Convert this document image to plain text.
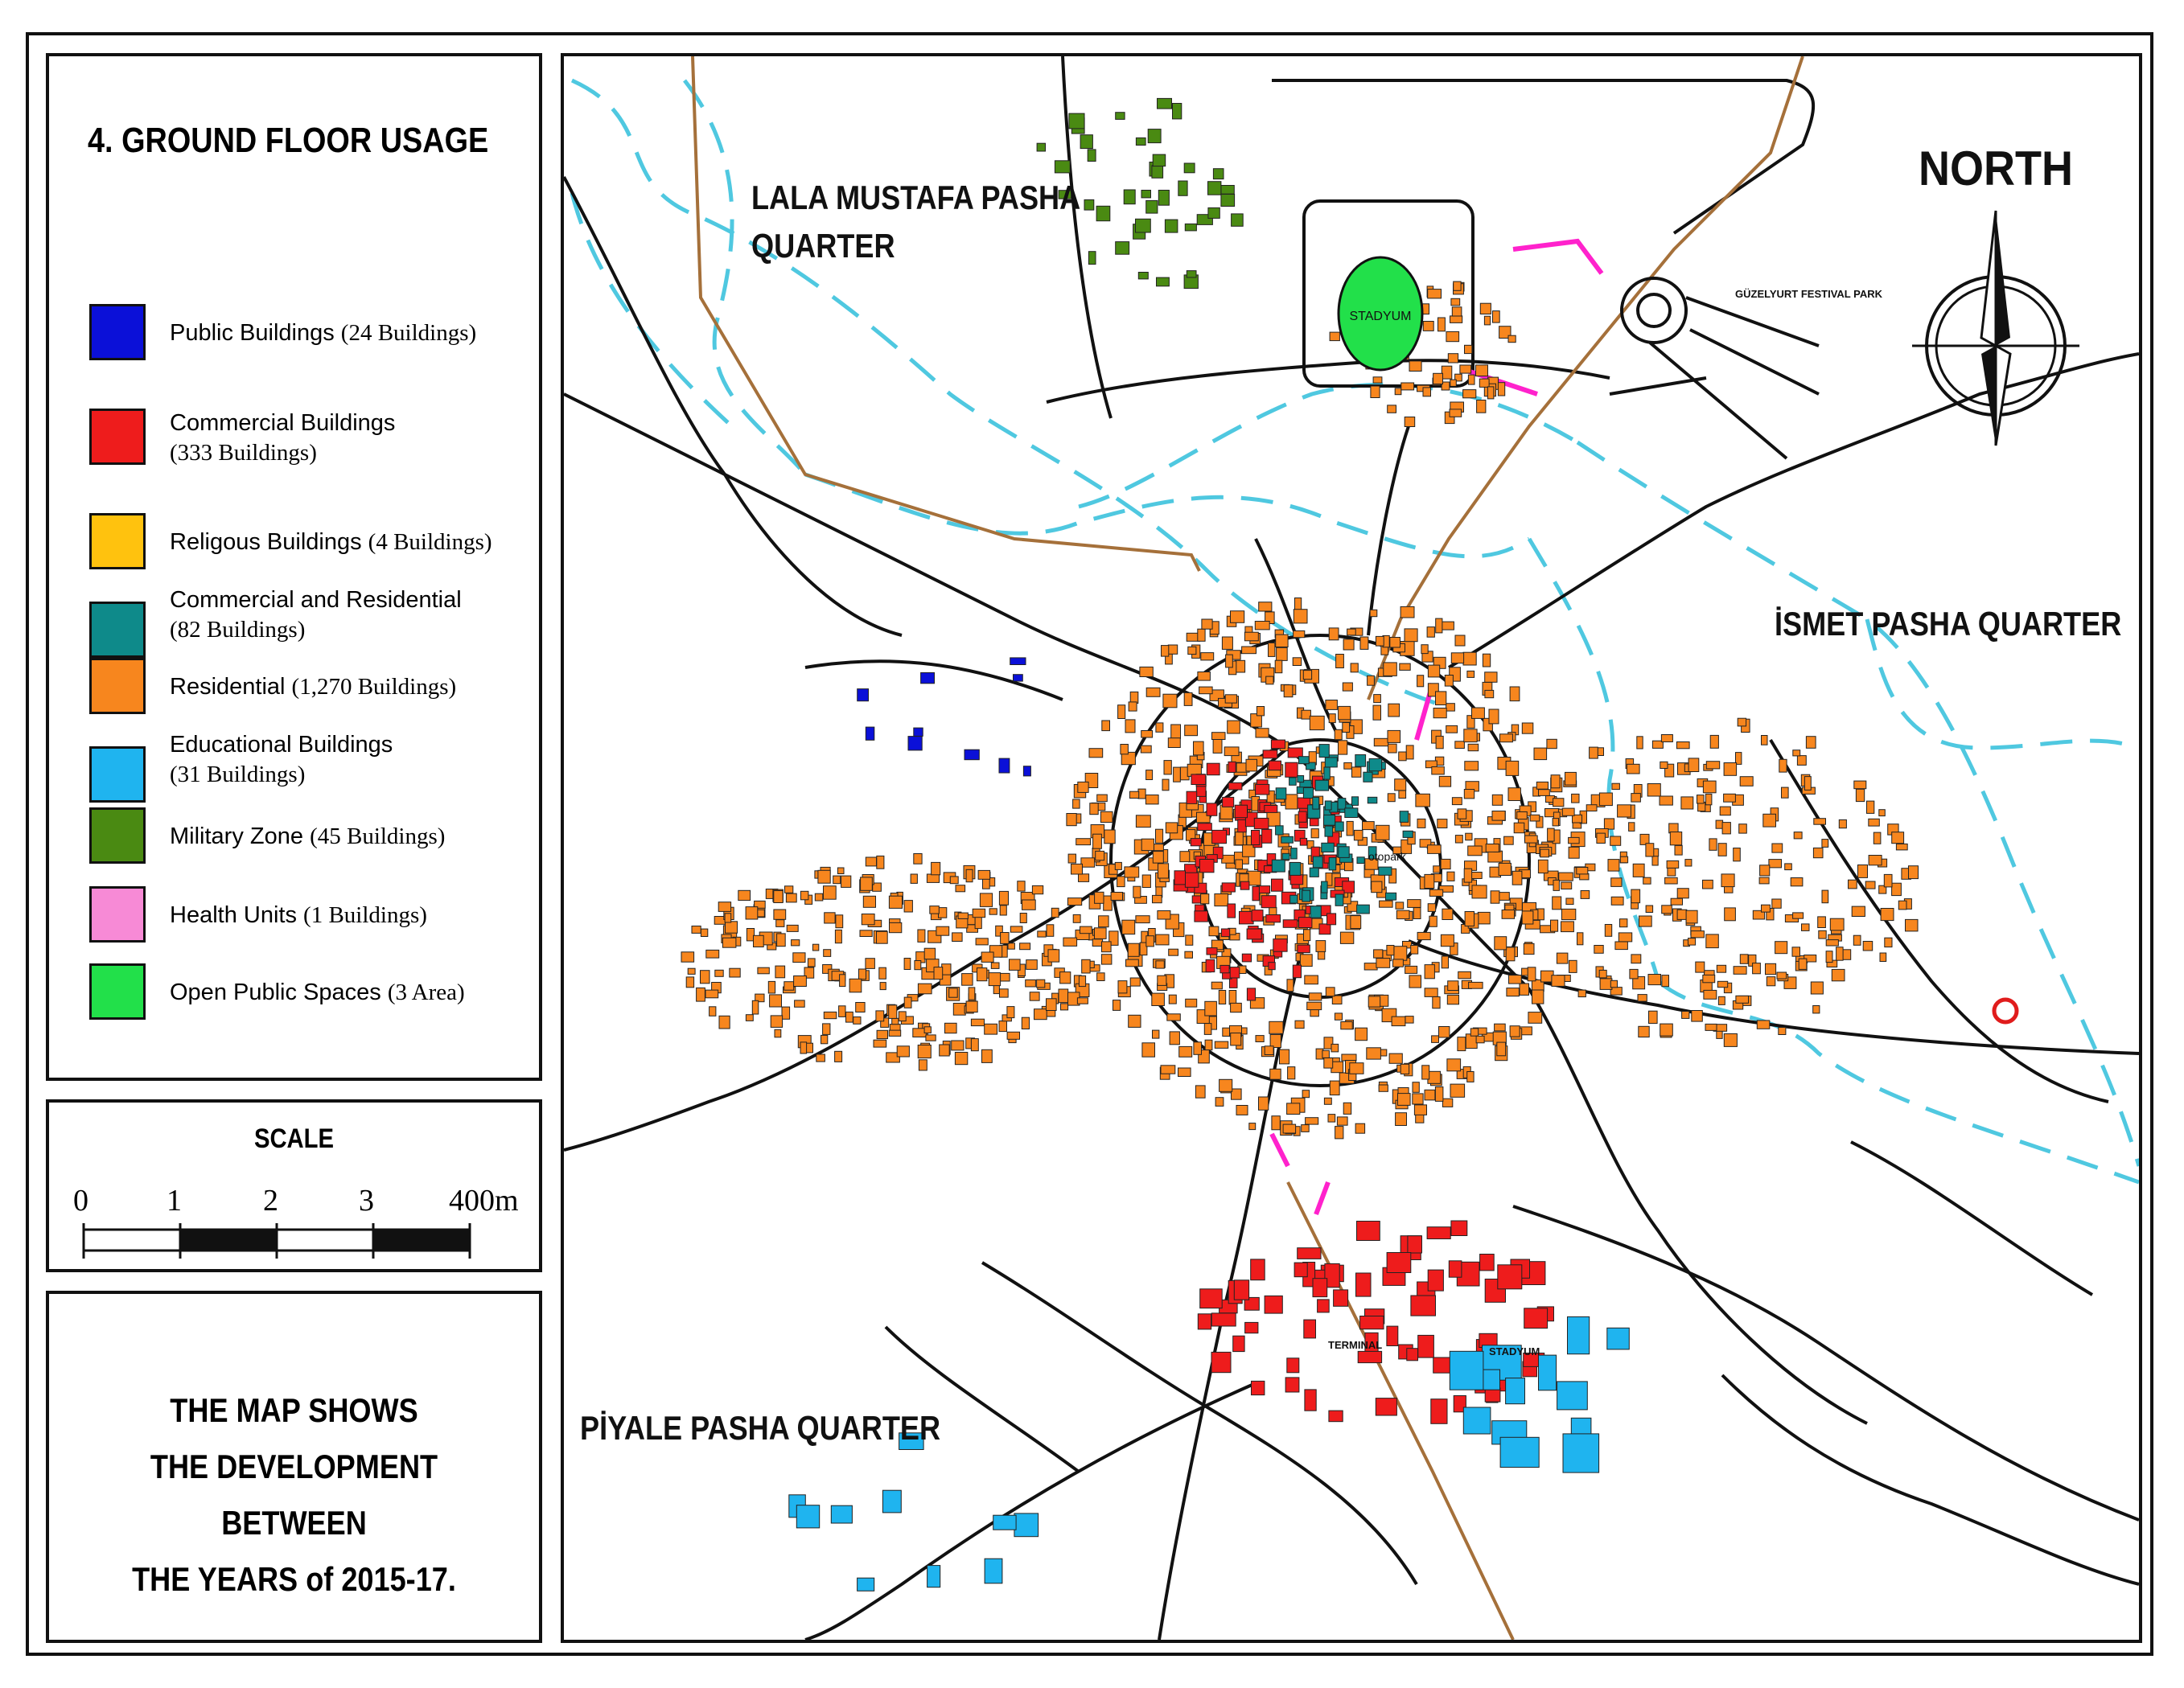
4. GROUND FLOOR USAGE
Public Buildings (24 Buildings)
Commercial Buildings
(333 Buildings)
Religous Buildings (4 Buildings)
Commercial and Residential
(82 Buildings)
Residential (1,270 Buildings)
Educational Buildings
(31 Buildings)
Military Zone (45 Buildings)
Health Units (1 Buildings)
Open Public Spaces (3 Area)
SCALE
0	1	2	3 400m
THE MAP SHOWS
THE DEVELOPMENT BETWEEN
THE YEARS of 2015-17.
STADYUM
GÜZELYURT FESTIVAL PARK
STADYUM
TERMINAL
otopark
NORTH
LALA MUSTAFA PASHA
QUARTER
İSMET PASHA QUARTER
PİYALE PASHA QUARTER
